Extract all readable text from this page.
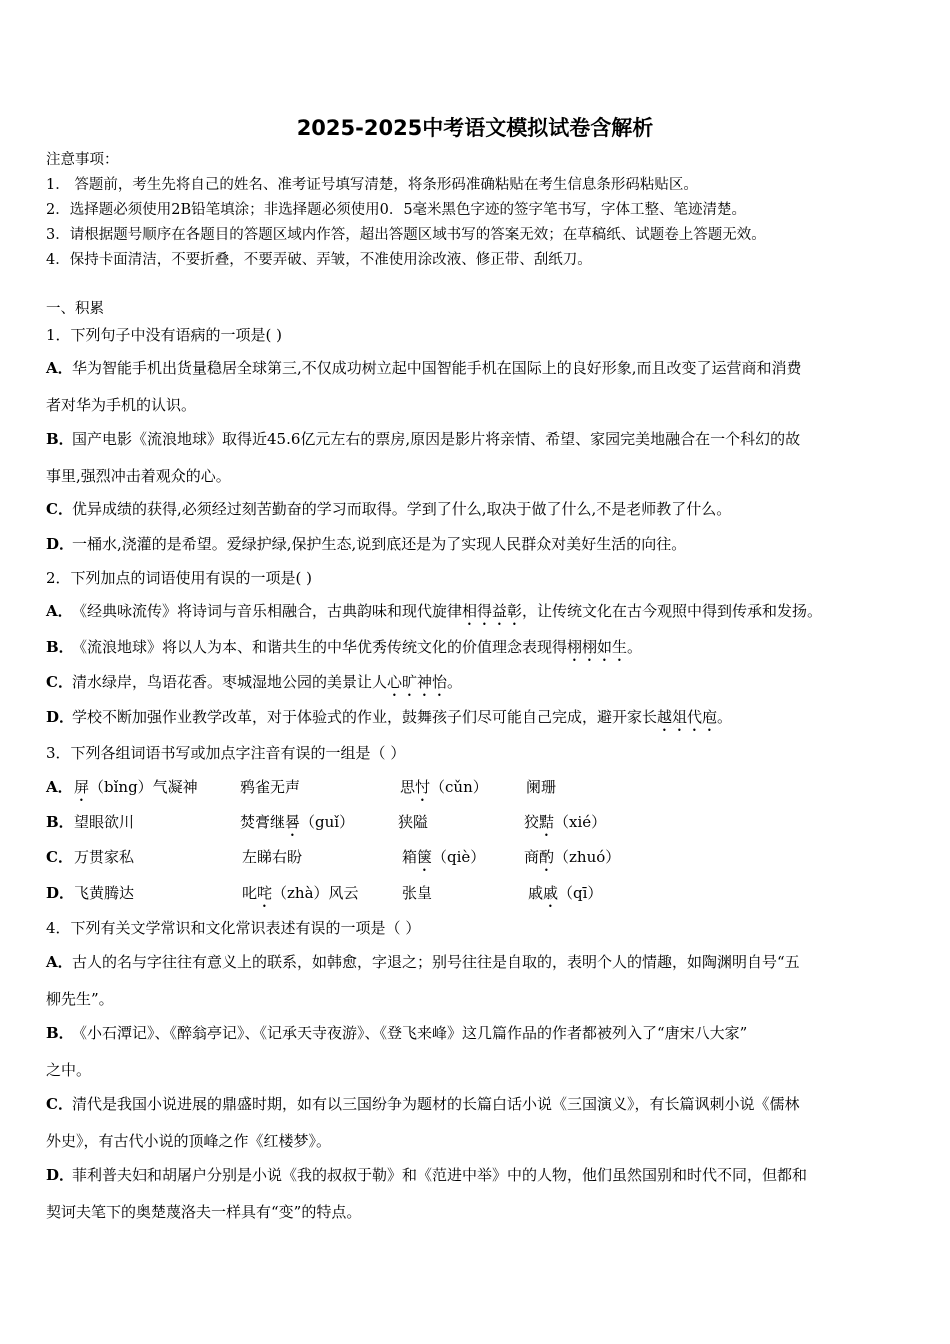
2025-2025中考语文模拟试卷含解析
注意事项：
1． 答题前，考生先将自己的姓名、准考证号填写清楚，将条形码准确粘贴在考生信息条形码粘贴区。
2．选择题必须使用2B铅笔填涂；非选择题必须使用0．5毫米黑色字迹的签字笔书写，字体工整、笔迹清楚。
3．请根据题号顺序在各题目的答题区域内作答，超出答题区域书写的答案无效；在草稿纸、试题卷上答题无效。
4．保持卡面清洁，不要折叠，不要弄破、弄皱，不准使用涂改液、修正带、刮纸刀。
一、积累
1．下列句子中没有语病的一项是( )
A．华为智能手机出货量稳居全球第三,不仅成功树立起中国智能手机在国际上的良好形象,而且改变了运营商和消费
者对华为手机的认识。
B．国产电影《流浪地球》取得近45.6亿元左右的票房,原因是影片将亲情、希望、家园完美地融合在一个科幻的故
事里,强烈冲击着观众的心。
C．优异成绩的获得,必须经过刻苦勤奋的学习而取得。学到了什么,取决于做了什么,不是老师教了什么。
D．一桶水,浇灌的是希望。爱绿护绿,保护生态,说到底还是为了实现人民群众对美好生活的向往。
2．下列加点的词语使用有误的一项是( )
A．《经典咏流传》将诗词与音乐相融合，古典韵味和现代旋律相得益彰，让传统文化在古今观照中得到传承和发扬。
B．《流浪地球》将以人为本、和谐共生的中华优秀传统文化的价值理念表现得栩栩如生。
C．清水绿岸，鸟语花香。枣城湿地公园的美景让人心旷神怡。
D．学校不断加强作业教学改革，对于体验式的作业，鼓舞孩子们尽可能自己完成，避开家长越俎代庖。
3．下列各组词语书写或加点字注音有误的一组是（ ）
A． 屏（bǐng）气凝神	鸦雀无声	思忖（cǔn）	阑珊
B． 望眼欲川	焚膏继晷（guǐ）	狭隘	狡黠（xié）
C． 万贯家私	左睇右盼	箱箧（qiè）	商酌（zhuó）
D． 飞黄腾达	叱咤（zhà）风云	张皇	戚戚（qī）
4．下列有关文学常识和文化常识表述有误的一项是（ ）
A．古人的名与字往往有意义上的联系，如韩愈，字退之；别号往往是自取的，表明个人的情趣，如陶渊明自号“五
柳先生”。
B．《小石潭记》、《醉翁亭记》、《记承天寺夜游》、《登飞来峰》这几篇作品的作者都被列入了“唐宋八大家”
之中。
C．清代是我国小说进展的鼎盛时期，如有以三国纷争为题材的长篇白话小说《三国演义》，有长篇讽刺小说《儒林
外史》，有古代小说的顶峰之作《红楼梦》。
D．菲利普夫妇和胡屠户分别是小说《我的叔叔于勒》和《范进中举》中的人物，他们虽然国别和时代不同，但都和
契诃夫笔下的奥楚蔑洛夫一样具有“变”的特点。
